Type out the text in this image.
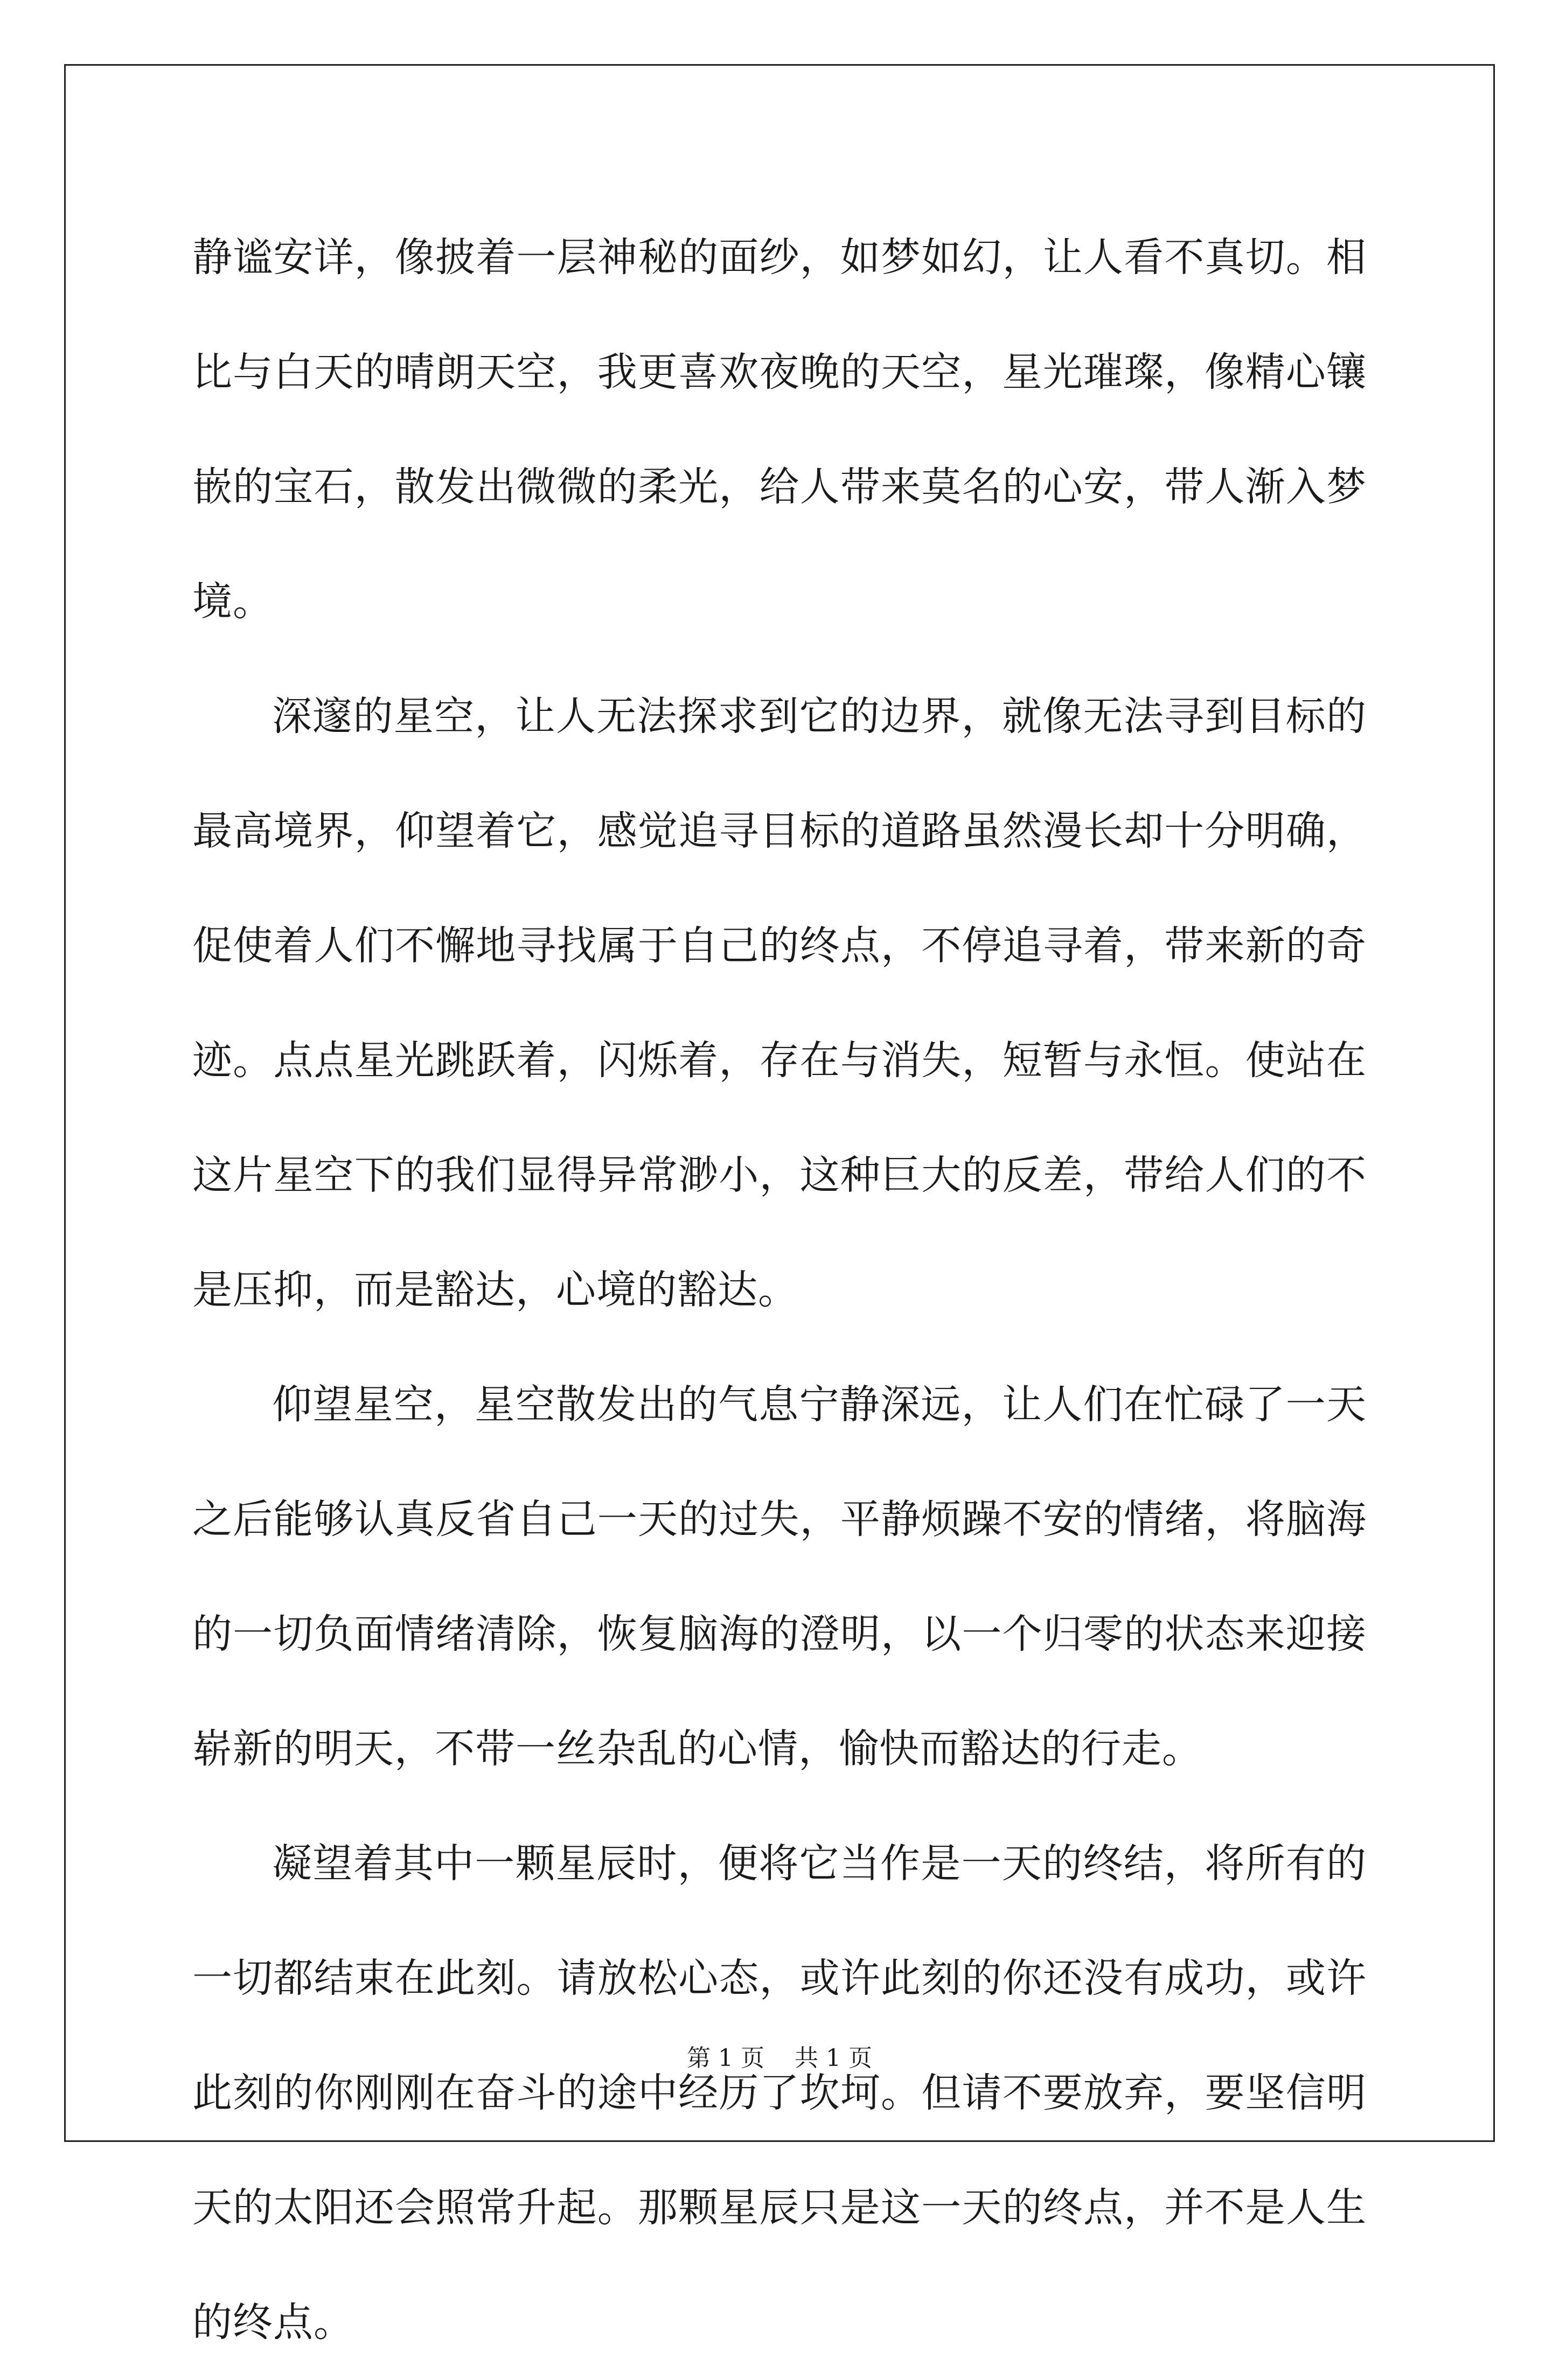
静谧安详，像披着一层神秘的面纱，如梦如幻，让人看不真切。相比与白天的晴朗天空，我更喜欢夜晚的天空，星光璀璨，像精心镶嵌的宝石，散发出微微的柔光，给人带来莫名的心安，带人渐入梦境。

深邃的星空，让人无法探求到它的边界，就像无法寻到目标的最高境界，仰望着它，感觉追寻目标的道路虽然漫长却十分明确，促使着人们不懈地寻找属于自己的终点，不停追寻着，带来新的奇迹。点点星光跳跃着，闪烁着，存在与消失，短暂与永恒。使站在这片星空下的我们显得异常渺小，这种巨大的反差，带给人们的不是压抑，而是豁达，心境的豁达。

仰望星空，星空散发出的气息宁静深远，让人们在忙碌了一天之后能够认真反省自己一天的过失，平静烦躁不安的情绪，将脑海的一切负面情绪清除，恢复脑海的澄明，以一个归零的状态来迎接崭新的明天，不带一丝杂乱的心情，愉快而豁达的行走。

凝望着其中一颗星辰时，便将它当作是一天的终结，将所有的一切都结束在此刻。请放松心态，或许此刻的你还没有成功，或许此刻的你刚刚在奋斗的途中经历了坎坷。但请不要放弃，要坚信明天的太阳还会照常升起。那颗星辰只是这一天的终点，并不是人生的终点。

第 1 页 共 1 页
